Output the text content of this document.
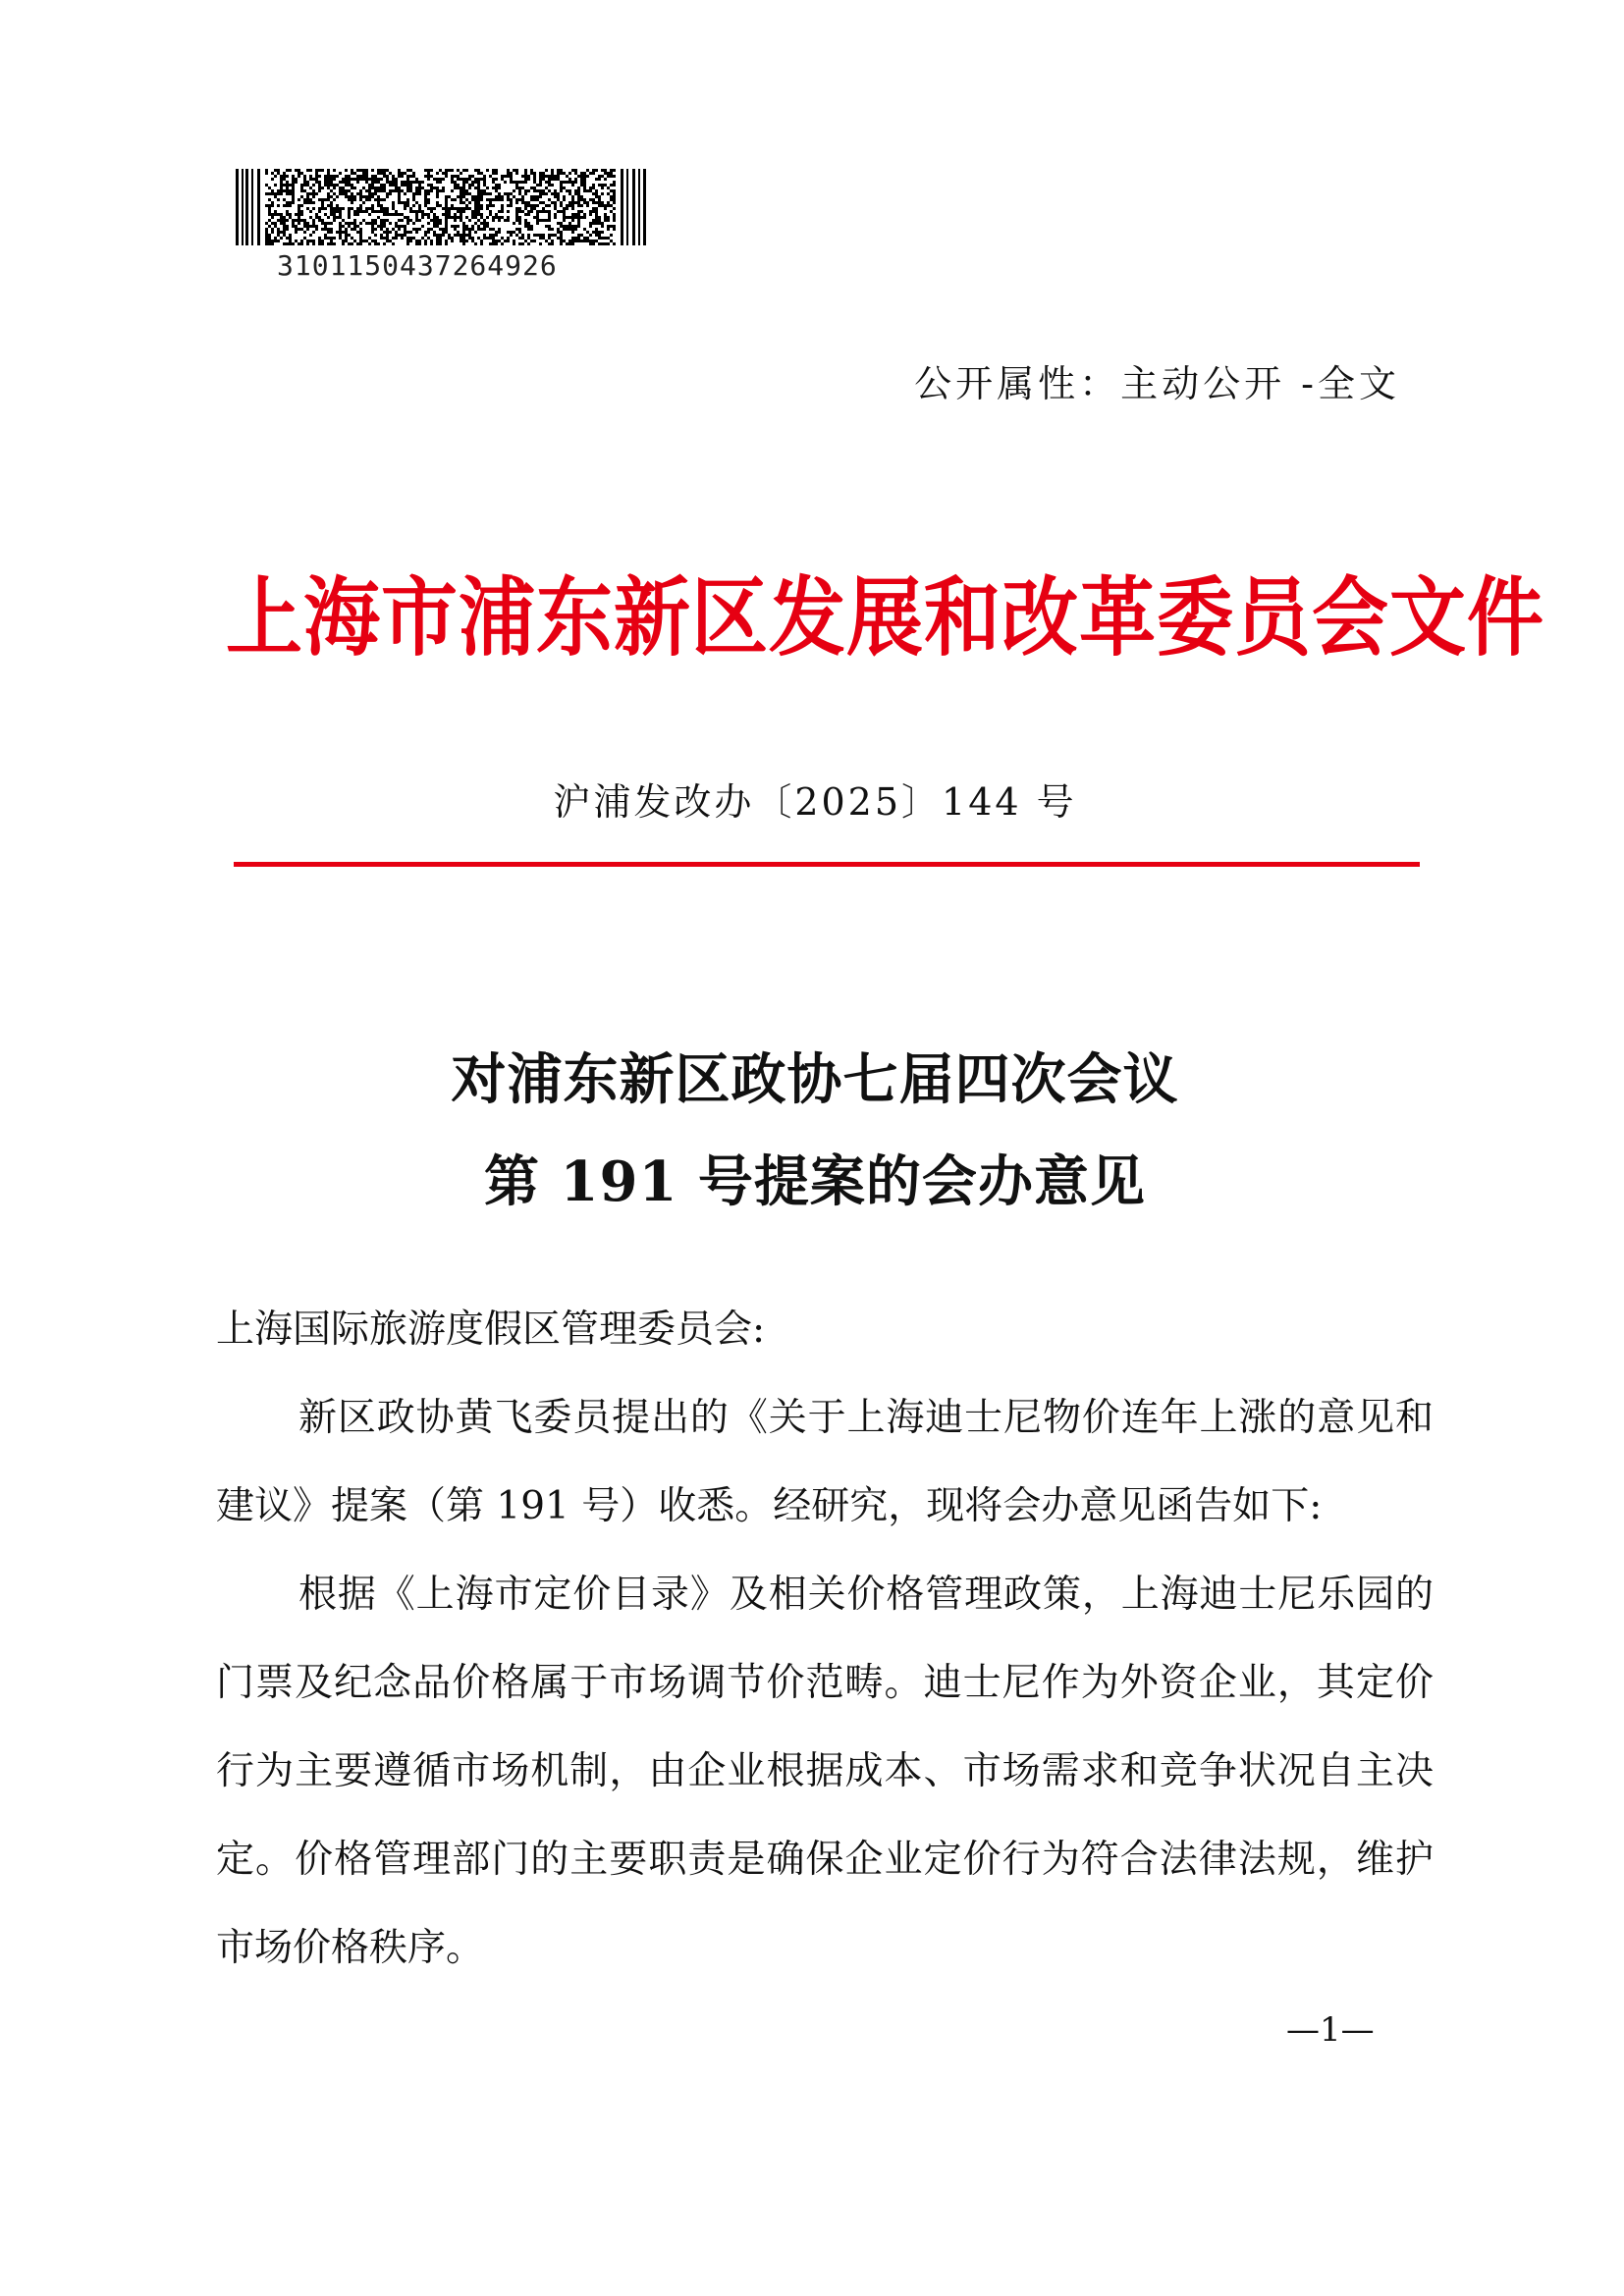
3101150437264926
公开属性：主动公开 -全文
上海市浦东新区发展和改革委员会文件
沪浦发改办〔2025〕144 号
对浦东新区政协七届四次会议
第 191 号提案的会办意见

上海国际旅游度假区管理委员会:

新区政协黄飞委员提出的《关于上海迪士尼物价连年上涨的意见和建议》提案（第 191 号）收悉。经研究，现将会办意见函告如下:

根据《上海市定价目录》及相关价格管理政策，上海迪士尼乐园的门票及纪念品价格属于市场调节价范畴。迪士尼作为外资企业，其定价行为主要遵循市场机制，由企业根据成本、市场需求和竞争状况自主决定。价格管理部门的主要职责是确保企业定价行为符合法律法规，维护市场价格秩序。

—1—
